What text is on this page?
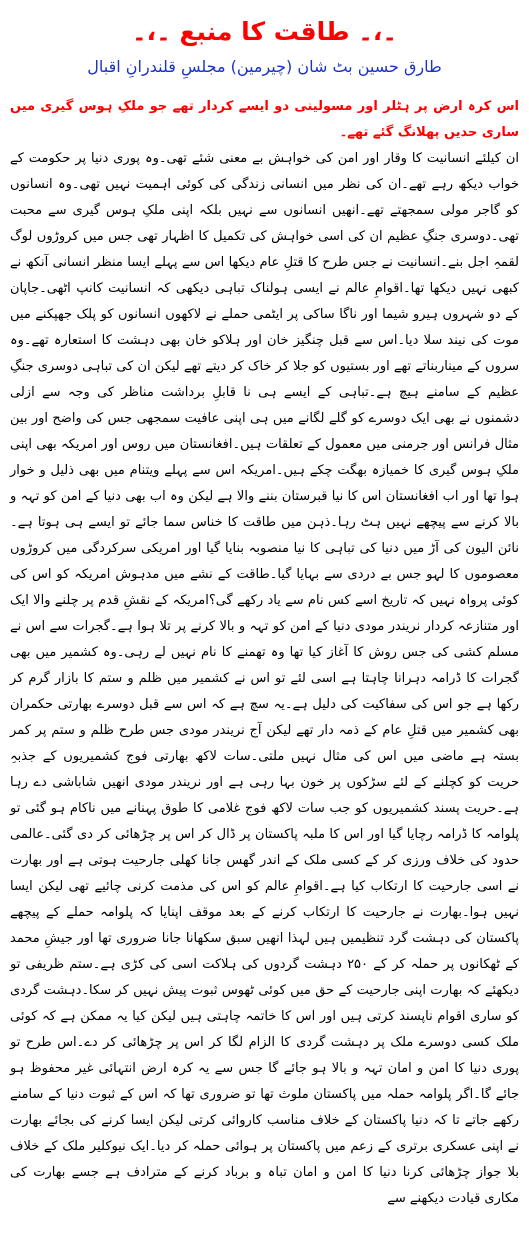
۔،۔ طاقت کا منبع ۔،۔
طارق حسین بٹ شان (چیرمین) مجلسِ قلندرانِ اقبال

اس کرہ ارض پر ہٹلر اور مسولینی دو ایسے کردار تھے جو ملکِ ہوس گیری میں ساری حدیں پھلانگ گئے تھے۔

ان کیلئے انسانیت کا وقار اور امن کی خواہش بے معنی شئے تھی۔وہ پوری دنیا پر حکومت کے خواب دیکھ رہے تھے۔ان کی نظر میں انسانی زندگی کی کوئی اہمیت نہیں تھی۔وہ انسانوں کو گاجر مولی سمجھتے تھے۔انھیں انسانوں سے نہیں بلکہ اپنی ملکِ ہوس گیری سے محبت تھی۔دوسری جنگِ عظیم ان کی اسی خواہش کی تکمیل کا اظہار تھی جس میں کروڑوں لوگ لقمہِ اجل بنے۔انسانیت نے جس طرح کا قتلِ عام دیکھا اس سے پہلے ایسا منظر انسانی آنکھ نے کبھی نہیں دیکھا تھا۔اقوامِ عالم نے ایسی ہولناک تباہی دیکھی کہ انسانیت کانپ اٹھی۔جاپان کے دو شہروں ہیرو شیما اور ناگا ساکی پر ایٹمی حملے نے لاکھوں انسانوں کو پلک جھپکنے میں موت کی نیند سلا دیا۔اس سے قبل چنگیز خان اور ہلاکو خان بھی دہشت کا استعارہ تھے۔وہ سروں کے میناربناتے تھے اور بستیوں کو جلا کر خاک کر دیتے تھے لیکن ان کی تباہی دوسری جنگِ عظیم کے سامنے ہیچ ہے۔تباہی کے ایسے ہی نا قابلِ برداشت مناظر کی وجہ سے ازلی دشمنوں نے بھی ایک دوسرے کو گلے لگانے میں ہی اپنی عافیت سمجھی جس کی واضح اور بین مثال فرانس اور جرمنی میں معمول کے تعلقات ہیں۔افغانستان میں روس اور امریکہ بھی اپنی ملکِ ہوس گیری کا خمیازہ بھگت چکے ہیں۔امریکہ اس سے پہلے ویتنام میں بھی ذلیل و خوار ہوا تھا اور اب افغانستان اس کا نیا قبرستان بننے والا ہے لیکن وہ اب بھی دنیا کے امن کو تہہ و بالا کرنے سے پیچھے نہیں ہٹ رہا۔ذہن میں طاقت کا خناس سما جائے تو ایسے ہی ہوتا ہے۔نائن الیون کی آڑ میں دنیا کی تباہی کا نیا منصوبہ بنایا گیا اور امریکی سرکردگی میں کروڑوں معصوموں کا لہو جس بے دردی سے بہایا گیا۔طاقت کے نشے میں مدہوش امریکہ کو اس کی کوئی پرواہ نہیں کہ تاریخ اسے کس نام سے یاد رکھے گی؟امریکہ کے نقشِ قدم پر چلنے والا ایک اور متنازعہ کردار نریندر مودی دنیا کے امن کو تہہ و بالا کرنے پر تلا ہوا ہے۔گجرات سے اس نے مسلم کشی کی جس روش کا آغاز کیا تھا وہ تھمنے کا نام نہیں لے رہی۔وہ کشمیر میں بھی گجرات کا ڈرامہ دہرانا چاہتا ہے اسی لئے تو اس نے کشمیر میں ظلم و ستم کا بازار گرم کر رکھا ہے جو اس کی سفاکیت کی دلیل ہے۔یہ سچ ہے کہ اس سے قبل دوسرے بھارتی حکمران بھی کشمیر میں قتلِ عام کے ذمہ دار تھے لیکن آج نریندر مودی جس طرح ظلم و ستم پر کمر بستہ ہے ماضی میں اس کی مثال نہیں ملتی۔سات لاکھ بھارتی فوج کشمیریوں کے جذبہِ حریت کو کچلنے کے لئے سڑکوں پر خون بہا رہی ہے اور نریندر مودی انھیں شاباشی دے رہا ہے۔حریت پسند کشمیریوں کو جب سات لاکھ فوج غلامی کا طوق پہنانے میں ناکام ہو گئی تو پلوامہ کا ڈرامہ رچایا گیا اور اس کا ملبہ پاکستان پر ڈال کر اس پر چڑھائی کر دی گئی۔عالمی حدود کی خلاف ورزی کر کے کسی ملک کے اندر گھس جانا کھلی جارحیت ہوتی ہے اور بھارت نے اسی جارحیت کا ارتکاب کیا ہے۔اقوامِ عالم کو اس کی مذمت کرنی چائیے تھی لیکن ایسا نہیں ہوا۔بھارت نے جارحیت کا ارتکاب کرنے کے بعد موقف اپنایا کہ پلوامہ حملے کے پیچھے پاکستان کی دہشت گرد تنظیمیں ہیں لہذا انھیں سبق سکھانا جانا ضروری تھا اور جیشِ محمد کے ٹھکانوں پر حملہ کر کے ۲۵۰ دہشت گردوں کی ہلاکت اسی کی کڑی ہے۔ستم ظریفی تو دیکھئے کہ بھارت اپنی جارحیت کے حق میں کوئی ٹھوس ثبوت پیش نہیں کر سکا۔دہشت گردی کو ساری اقوام ناپسند کرتی ہیں اور اس کا خاتمہ چاہتی ہیں لیکن کیا یہ ممکن ہے کہ کوئی ملک کسی دوسرے ملک پر دہشت گردی کا الزام لگا کر اس پر چڑھائی کر دے۔اس طرح تو پوری دنیا کا امن و امان تہہ و بالا ہو جائے گا جس سے یہ کرہ ارض انتہائی غیر محفوظ ہو جائے گا۔اگر پلوامہ حملہ میں پاکستان ملوث تھا تو ضروری تھا کہ اس کے ثبوت دنیا کے سامنے رکھے جاتے تا کہ دنیا پاکستان کے خلاف مناسب کاروائی کرتی لیکن ایسا کرنے کی بجائے بھارت نے اپنی عسکری برتری کے زعم میں پاکستان پر ہوائی حملہ کر دیا۔ایک نیوکلیر ملک کے خلاف بلا جواز چڑھائی کرنا دنیا کا امن و امان تباہ و برباد کرنے کے مترادف ہے جسے بھارت کی مکاری قیادت دیکھنے سے
